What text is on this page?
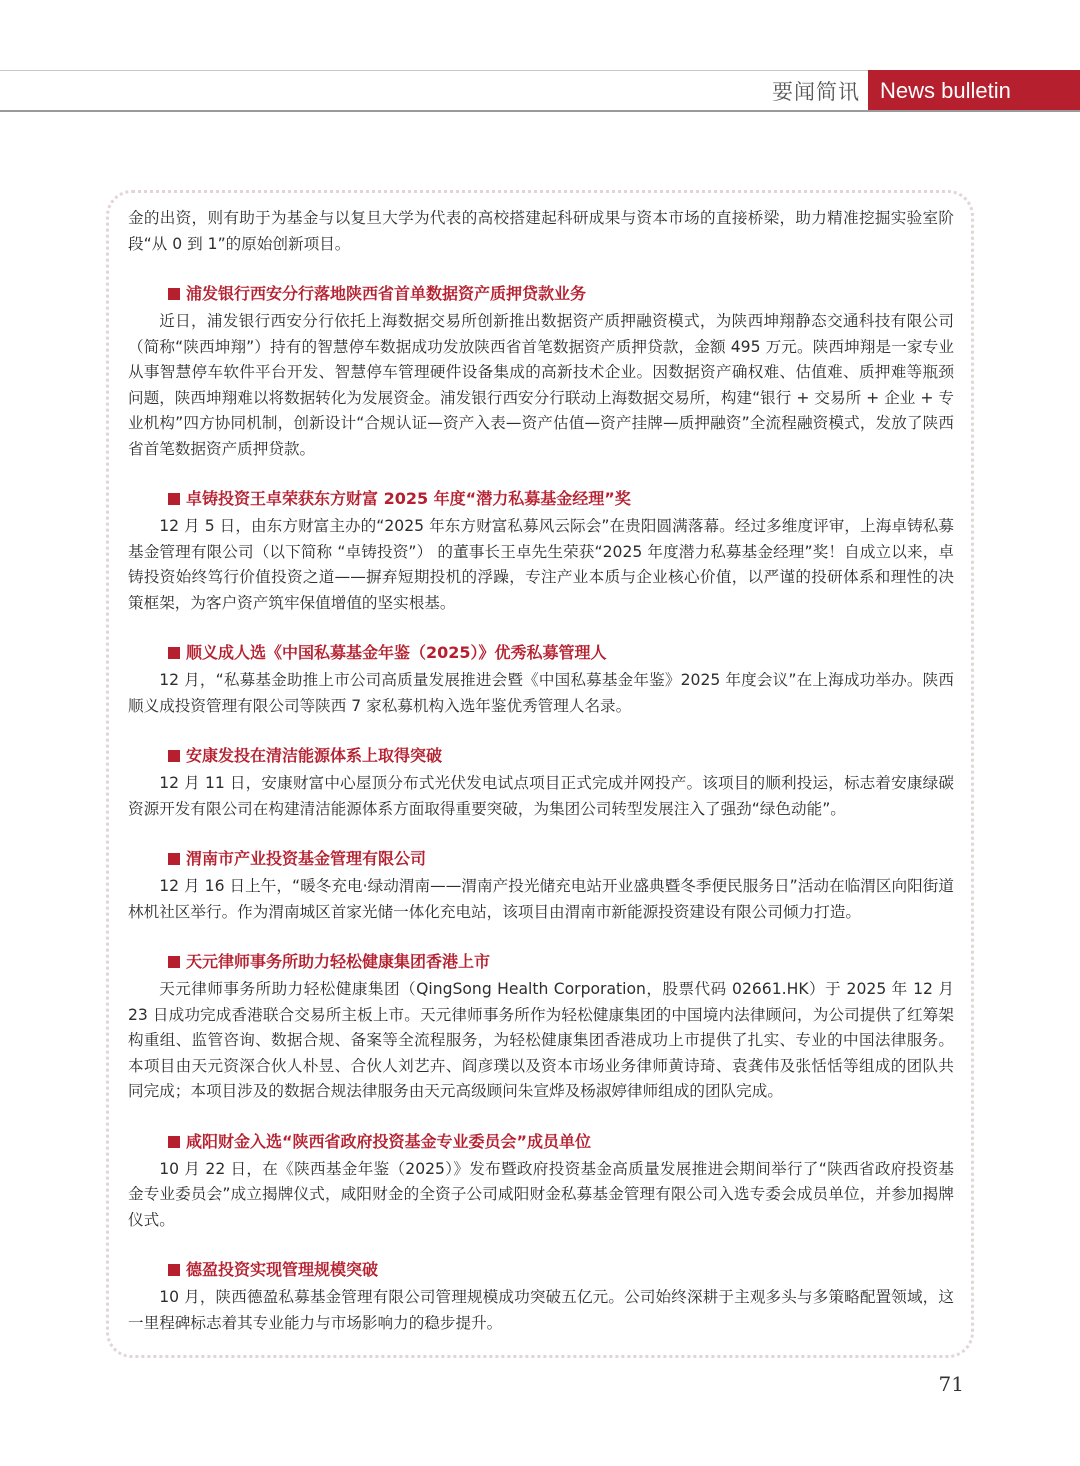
要闻简讯 News bulletin

金的出资，则有助于为基金与以复旦大学为代表的高校搭建起科研成果与资本市场的直接桥梁，助力精准挖掘实验室阶段“从 0 到 1”的原始创新项目。

浦发银行西安分行落地陕西省首单数据资产质押贷款业务

近日，浦发银行西安分行依托上海数据交易所创新推出数据资产质押融资模式，为陕西坤翔静态交通科技有限公司（简称“陕西坤翔”）持有的智慧停车数据成功发放陕西省首笔数据资产质押贷款，金额 495 万元。陕西坤翔是一家专业从事智慧停车软件平台开发、智慧停车管理硬件设备集成的高新技术企业。因数据资产确权难、估值难、质押难等瓶颈问题，陕西坤翔难以将数据转化为发展资金。浦发银行西安分行联动上海数据交易所，构建“银行 + 交易所 + 企业 + 专业机构”四方协同机制，创新设计“合规认证—资产入表—资产估值—资产挂牌—质押融资”全流程融资模式，发放了陕西省首笔数据资产质押贷款。

卓铸投资王卓荣获东方财富 2025 年度“潜力私募基金经理”奖

12 月 5 日，由东方财富主办的“2025 年东方财富私募风云际会”在贵阳圆满落幕。经过多维度评审，上海卓铸私募基金管理有限公司（以下简称 “卓铸投资”） 的董事长王卓先生荣获“2025 年度潜力私募基金经理”奖！自成立以来，卓铸投资始终笃行价值投资之道——摒弃短期投机的浮躁，专注产业本质与企业核心价值，以严谨的投研体系和理性的决策框架，为客户资产筑牢保值增值的坚实根基。

顺义成人选《中国私募基金年鉴（2025）》优秀私募管理人

12 月，“私募基金助推上市公司高质量发展推进会暨《中国私募基金年鉴》2025 年度会议”在上海成功举办。陕西顺义成投资管理有限公司等陕西 7 家私募机构入选年鉴优秀管理人名录。

安康发投在清洁能源体系上取得突破

12 月 11 日，安康财富中心屋顶分布式光伏发电试点项目正式完成并网投产。该项目的顺利投运，标志着安康绿碳资源开发有限公司在构建清洁能源体系方面取得重要突破，为集团公司转型发展注入了强劲“绿色动能”。

渭南市产业投资基金管理有限公司

12 月 16 日上午，“暖冬充电·绿动渭南——渭南产投光储充电站开业盛典暨冬季便民服务日”活动在临渭区向阳街道林机社区举行。作为渭南城区首家光储一体化充电站，该项目由渭南市新能源投资建设有限公司倾力打造。

天元律师事务所助力轻松健康集团香港上市

天元律师事务所助力轻松健康集团（QingSong Health Corporation，股票代码 02661.HK）于 2025 年 12 月 23 日成功完成香港联合交易所主板上市。天元律师事务所作为轻松健康集团的中国境内法律顾问，为公司提供了红筹架构重组、监管咨询、数据合规、备案等全流程服务，为轻松健康集团香港成功上市提供了扎实、专业的中国法律服务。本项目由天元资深合伙人朴昱、合伙人刘艺卉、阎彦璞以及资本市场业务律师黄诗琦、袁龚伟及张恬恬等组成的团队共同完成；本项目涉及的数据合规法律服务由天元高级顾问朱宣烨及杨淑婷律师组成的团队完成。

咸阳财金入选“陕西省政府投资基金专业委员会”成员单位

10 月 22 日，在《陕西基金年鉴（2025）》发布暨政府投资基金高质量发展推进会期间举行了“陕西省政府投资基金专业委员会”成立揭牌仪式，咸阳财金的全资子公司咸阳财金私募基金管理有限公司入选专委会成员单位，并参加揭牌仪式。

德盈投资实现管理规模突破

10 月，陕西德盈私募基金管理有限公司管理规模成功突破五亿元。公司始终深耕于主观多头与多策略配置领域，这一里程碑标志着其专业能力与市场影响力的稳步提升。

71
